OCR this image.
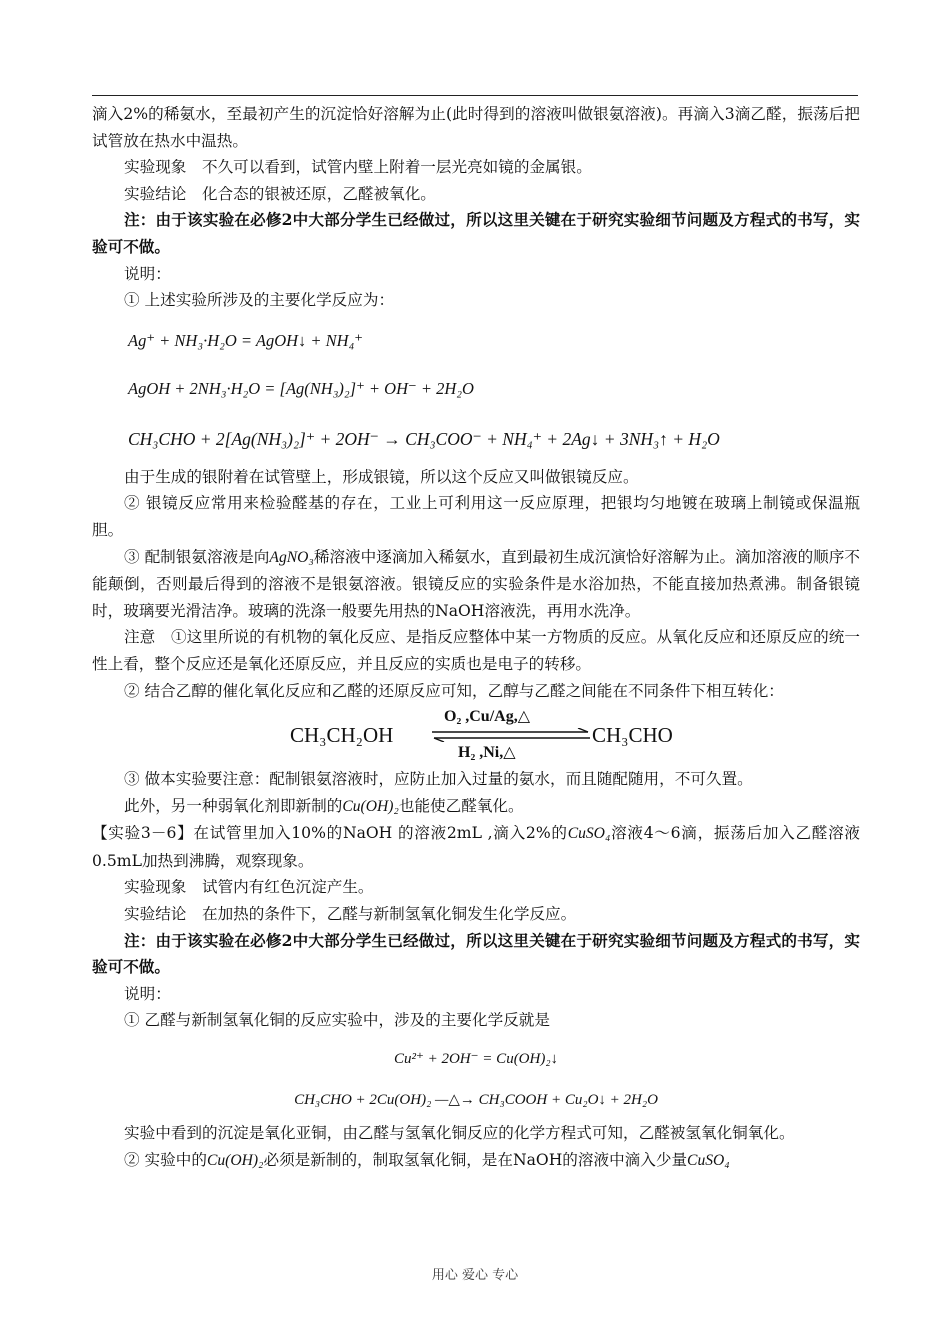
滴入2%的稀氨水，至最初产生的沉淀恰好溶解为止(此时得到的溶液叫做银氨溶液)。再滴入3滴乙醛，振荡后把试管放在热水中温热。

实验现象　不久可以看到，试管内壁上附着一层光亮如镜的金属银。

实验结论　化合态的银被还原，乙醛被氧化。

注：由于该实验在必修2中大部分学生已经做过，所以这里关键在于研究实验细节问题及方程式的书写，实验可不做。

说明：

① 上述实验所涉及的主要化学反应为：

Ag⁺ + NH₃·H₂O = AgOH↓ + NH₄⁺

AgOH + 2NH₃·H₂O = [Ag(NH₃)₂]⁺ + OH⁻ + 2H₂O

CH₃CHO + 2[Ag(NH₃)₂]⁺ + 2OH⁻ → CH₃COO⁻ + NH₄⁺ + 2Ag↓ + 3NH₃↑ + H₂O

由于生成的银附着在试管壁上，形成银镜，所以这个反应又叫做银镜反应。

② 银镜反应常用来检验醛基的存在，工业上可利用这一反应原理，把银均匀地镀在玻璃上制镜或保温瓶胆。

③ 配制银氨溶液是向AgNO₃稀溶液中逐滴加入稀氨水，直到最初生成沉演恰好溶解为止。滴加溶液的顺序不能颠倒，否则最后得到的溶液不是银氨溶液。银镜反应的实验条件是水浴加热，不能直接加热煮沸。制备银镜时，玻璃要光滑洁净。玻璃的洗涤一般要先用热的NaOH溶液洗，再用水洗净。

注意　①这里所说的有机物的氧化反应、是指反应整体中某一方物质的反应。从氧化反应和还原反应的统一性上看，整个反应还是氧化还原反应，并且反应的实质也是电子的转移。

② 结合乙醇的催化氧化反应和乙醛的还原反应可知，乙醇与乙醛之间能在不同条件下相互转化：

CH₃CH₂OH
O₂ ,Cu/Ag,△
H₂ ,Ni,△
CH₃CHO

③ 做本实验要注意：配制银氨溶液时，应防止加入过量的氨水，而且随配随用，不可久置。

此外，另一种弱氧化剂即新制的Cu(OH)₂也能使乙醛氧化。

【实验3－6】在试管里加入10%的NaOH 的溶液2mL ,滴入2%的CuSO₄溶液4～6滴，振荡后加入乙醛溶液0.5mL加热到沸腾，观察现象。

实验现象　试管内有红色沉淀产生。

实验结论　在加热的条件下，乙醛与新制氢氧化铜发生化学反应。

注：由于该实验在必修2中大部分学生已经做过，所以这里关键在于研究实验细节问题及方程式的书写，实验可不做。

说明：

① 乙醛与新制氢氧化铜的反应实验中，涉及的主要化学反就是

Cu²⁺ + 2OH⁻ = Cu(OH)₂↓

CH₃CHO + 2Cu(OH)₂ —△→ CH₃COOH + Cu₂O↓ + 2H₂O

实验中看到的沉淀是氧化亚铜，由乙醛与氢氧化铜反应的化学方程式可知，乙醛被氢氧化铜氧化。

② 实验中的Cu(OH)₂必须是新制的，制取氢氧化铜，是在NaOH的溶液中滴入少量CuSO₄

用心 爱心 专心
